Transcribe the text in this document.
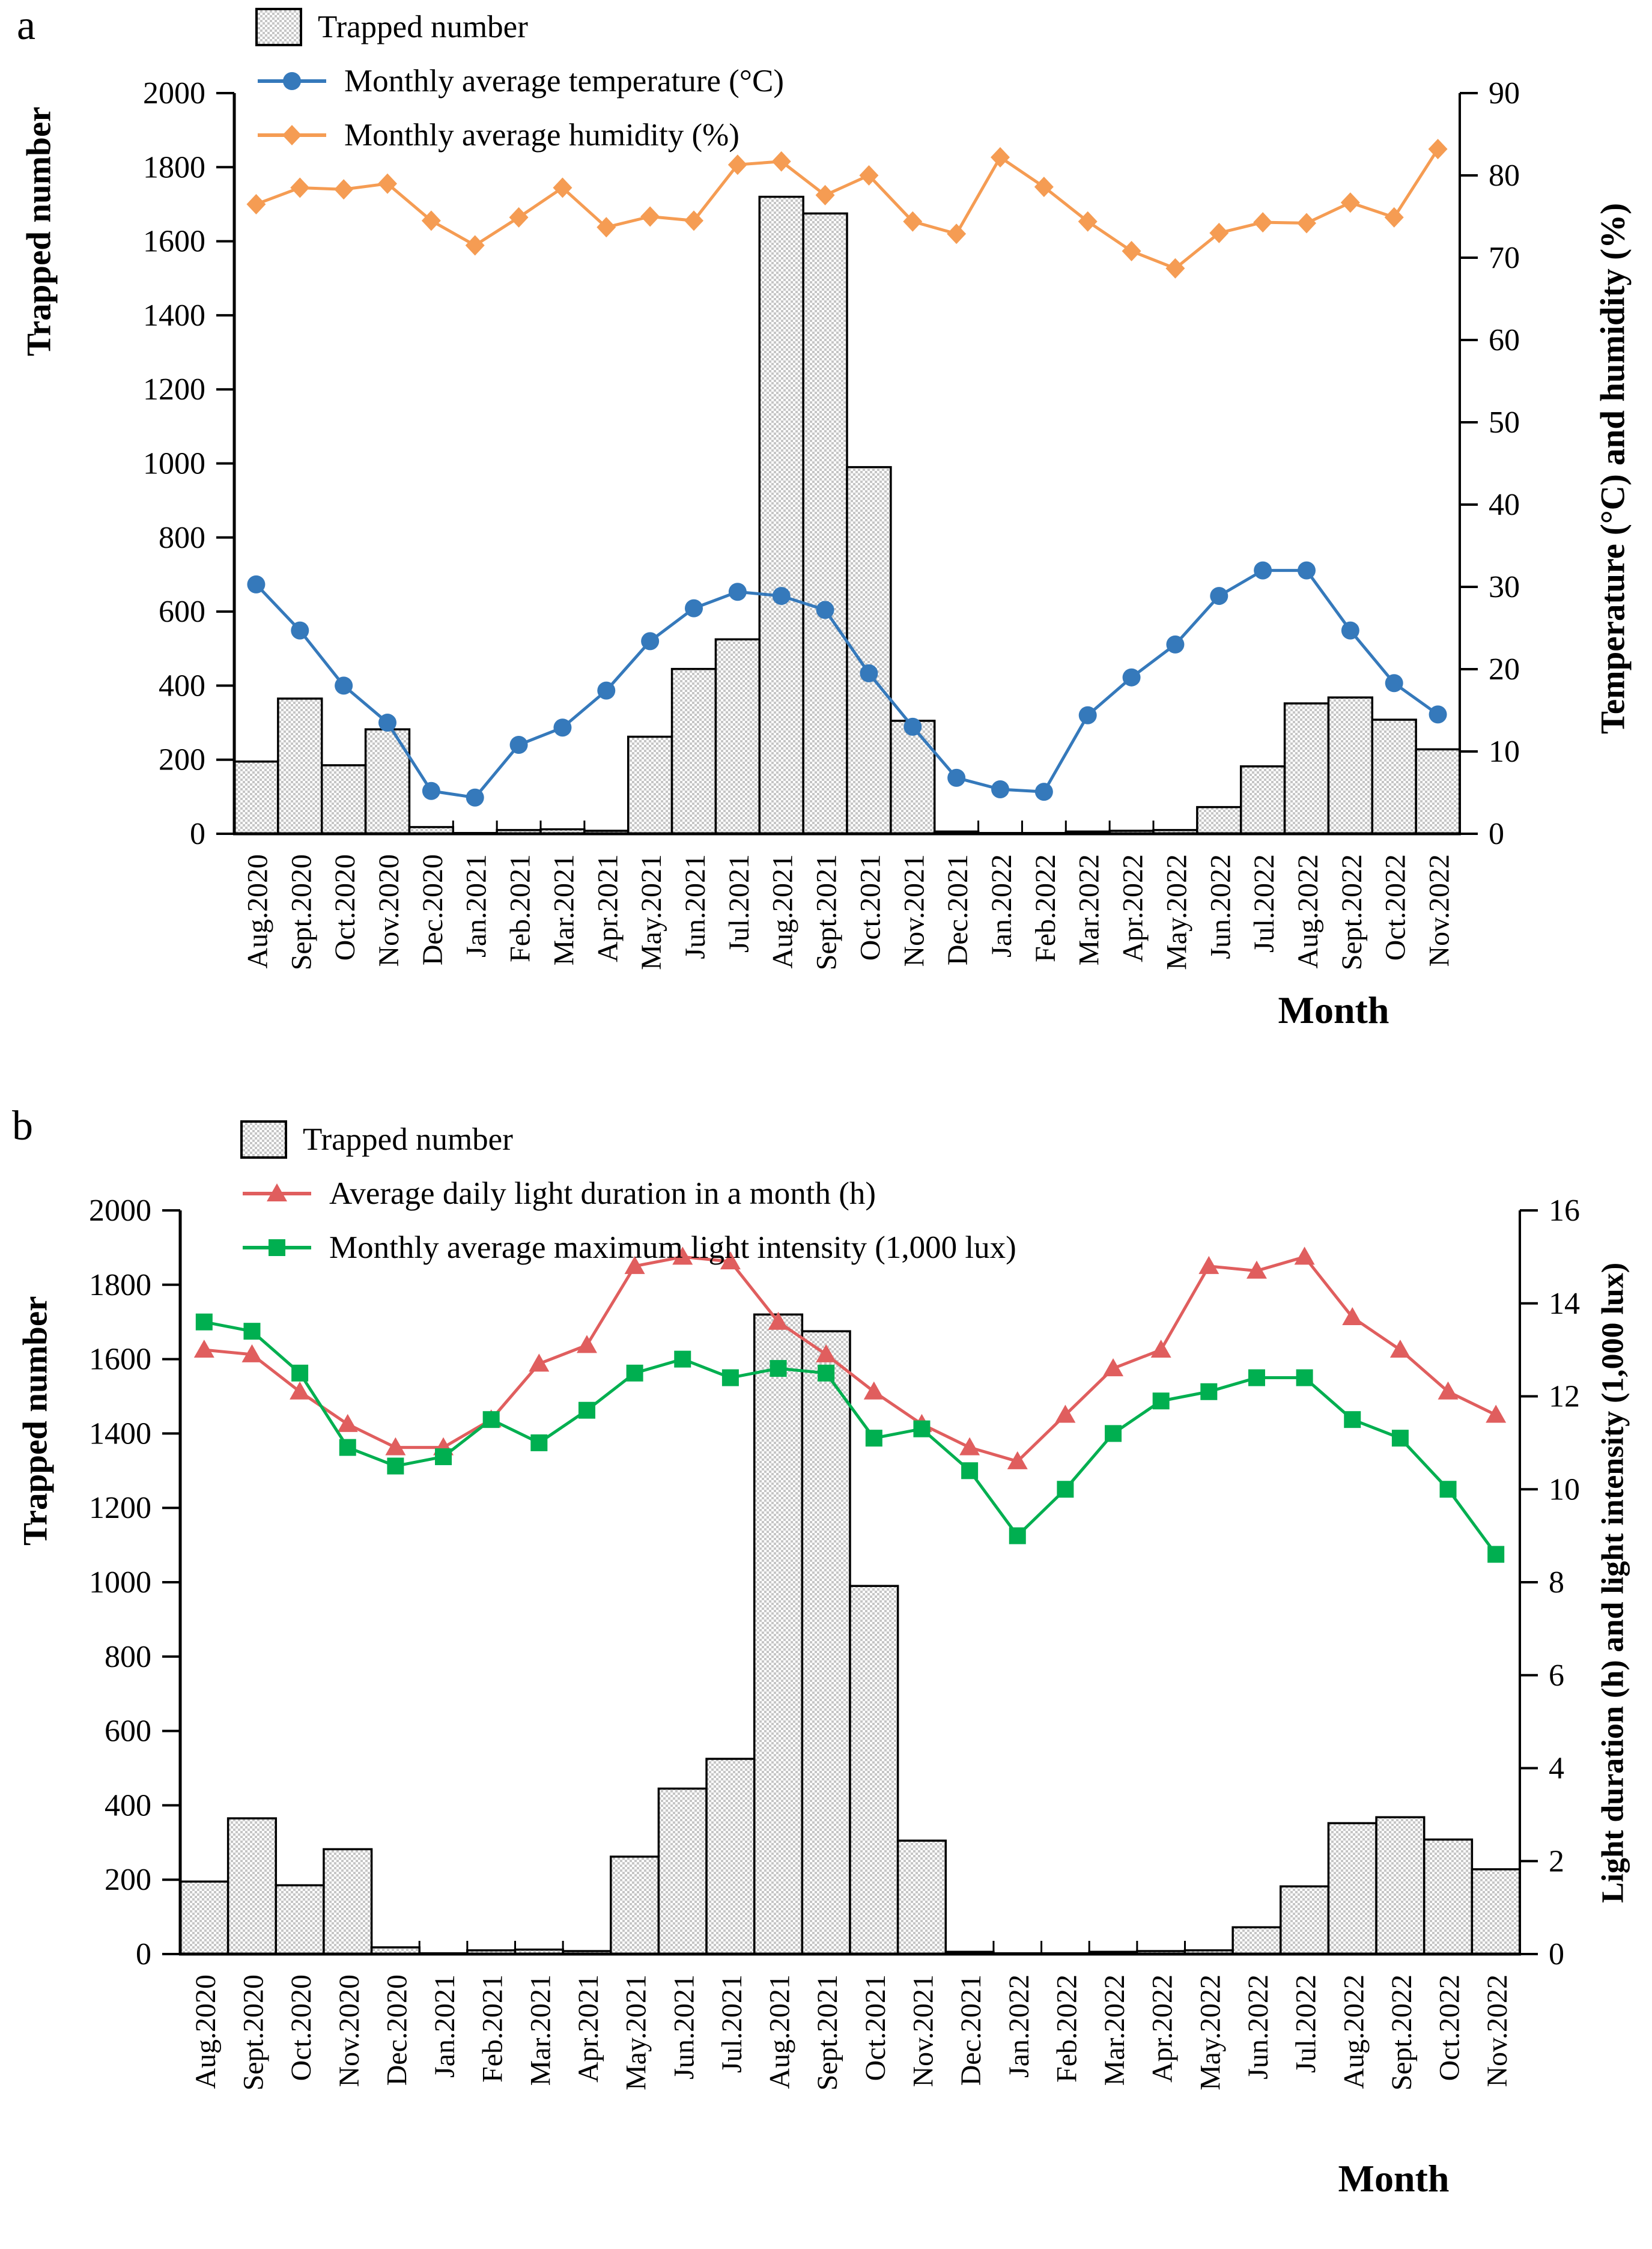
0
200
400
600
800
1000
1200
1400
1600
1800
2000
0
10
20
30
40
50
60
70
80
90
Aug.2020 Sept.2020 Oct.2020 Nov.2020 Dec.2020 Jan.2021 Feb.2021 Mar.2021 Apr.2021 May.2021 Jun.2021 Jul.2021 Aug.2021 Sept.2021 Oct.2021 Nov.2021 Dec.2021 Jan.2022 Feb.2022 Mar.2022 Apr.2022 May.2022 Jun.2022 Jul.2022 Aug.2022 Sept.2022 Oct.2022 Nov.2022
0
200
400
600
800
1000
1200
1400
1600
1800
2000
0
2
4
6
8
10
12
14
16
Aug.2020 Sept.2020 Oct.2020 Nov.2020 Dec.2020 Jan.2021 Feb.2021 Mar.2021 Apr.2021 May.2021 Jun.2021 Jul.2021 Aug.2021 Sept.2021 Oct.2021 Nov.2021 Dec.2021 Jan.2022 Feb.2022 Mar.2022 Apr.2022 May.2022 Jun.2022 Jul.2022 Aug.2022 Sept.2022 Oct.2022 Nov.2022
a	Trapped number
Monthly average temperature (°C)
Monthly average humidity (%)
Trapped number	Temperature (°C) and humidity (%)
Month
b	Trapped number
Average daily light duration in a month (h)
Monthly average maximum light intensity (1,000 lux)
Trapped number	Light duration (h) and light intensity (1,000 lux)
Month
